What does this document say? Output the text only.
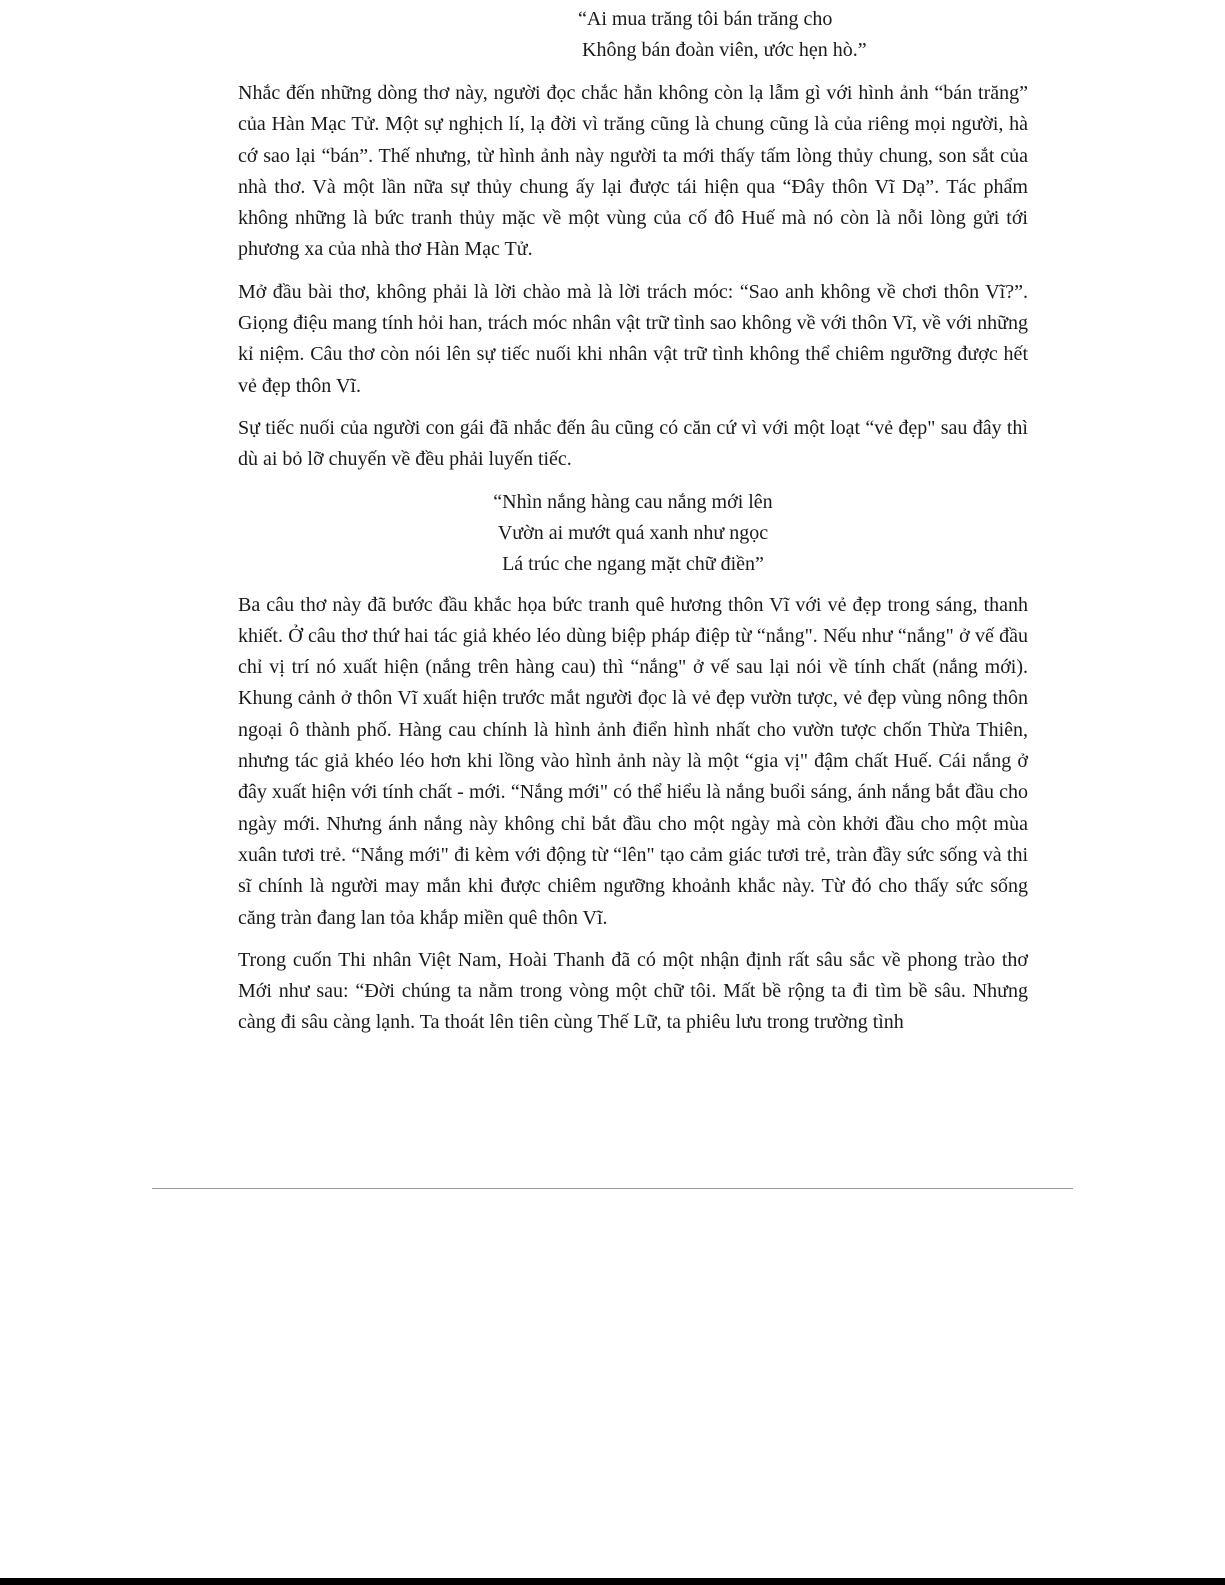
“Ai mua trăng tôi bán trăng cho
Không bán đoàn viên, ước hẹn hò.”

Nhắc đến những dòng thơ này, người đọc chắc hẳn không còn lạ lẫm gì với hình ảnh “bán trăng” của Hàn Mạc Tử. Một sự nghịch lí, lạ đời vì trăng cũng là chung cũng là của riêng mọi người, hà cớ sao lại “bán”. Thế nhưng, từ hình ảnh này người ta mới thấy tấm lòng thủy chung, son sắt của nhà thơ. Và một lần nữa sự thủy chung ấy lại được tái hiện qua “Đây thôn Vĩ Dạ”. Tác phẩm không những là bức tranh thủy mặc về một vùng của cố đô Huế mà nó còn là nỗi lòng gửi tới phương xa của nhà thơ Hàn Mạc Tử.

Mở đầu bài thơ, không phải là lời chào mà là lời trách móc: “Sao anh không về chơi thôn Vĩ?”. Giọng điệu mang tính hỏi han, trách móc nhân vật trữ tình sao không về với thôn Vĩ, về với những kỉ niệm. Câu thơ còn nói lên sự tiếc nuối khi nhân vật trữ tình không thể chiêm ngưỡng được hết vẻ đẹp thôn Vĩ.

Sự tiếc nuối của người con gái đã nhắc đến âu cũng có căn cứ vì với một loạt “vẻ đẹp" sau đây thì dù ai bỏ lỡ chuyến về đều phải luyến tiếc.

“Nhìn nắng hàng cau nắng mới lên
Vườn ai mướt quá xanh như ngọc
Lá trúc che ngang mặt chữ điền”

Ba câu thơ này đã bước đầu khắc họa bức tranh quê hương thôn Vĩ với vẻ đẹp trong sáng, thanh khiết. Ở câu thơ thứ hai tác giả khéo léo dùng biệp pháp điệp từ “nắng". Nếu như “nắng" ở vế đầu chỉ vị trí nó xuất hiện (nắng trên hàng cau) thì “nắng" ở vế sau lại nói về tính chất (nắng mới). Khung cảnh ở thôn Vĩ xuất hiện trước mắt người đọc là vẻ đẹp vườn tược, vẻ đẹp vùng nông thôn ngoại ô thành phố. Hàng cau chính là hình ảnh điển hình nhất cho vườn tược chốn Thừa Thiên, nhưng tác giả khéo léo hơn khi lồng vào hình ảnh này là một “gia vị" đậm chất Huế. Cái nắng ở đây xuất hiện với tính chất - mới. “Nắng mới" có thể hiểu là nắng buổi sáng, ánh nắng bắt đầu cho ngày mới. Nhưng ánh nắng này không chỉ bắt đầu cho một ngày mà còn khởi đầu cho một mùa xuân tươi trẻ. “Nắng mới" đi kèm với động từ “lên" tạo cảm giác tươi trẻ, tràn đầy sức sống và thi sĩ chính là người may mắn khi được chiêm ngưỡng khoảnh khắc này. Từ đó cho thấy sức sống căng tràn đang lan tỏa khắp miền quê thôn Vĩ.

Trong cuốn Thi nhân Việt Nam, Hoài Thanh đã có một nhận định rất sâu sắc về phong trào thơ Mới như sau: “Đời chúng ta nằm trong vòng một chữ tôi. Mất bề rộng ta đi tìm bề sâu. Nhưng càng đi sâu càng lạnh. Ta thoát lên tiên cùng Thế Lữ, ta phiêu lưu trong trường tình
